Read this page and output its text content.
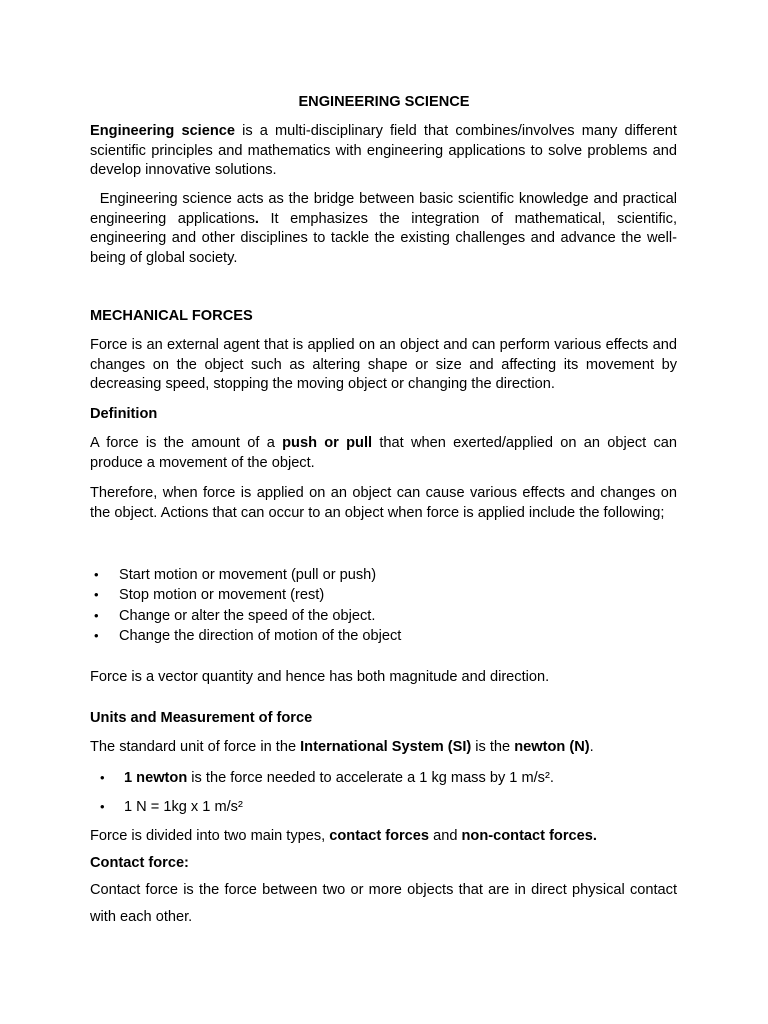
ENGINEERING SCIENCE

Engineering science is a multi-disciplinary field that combines/involves many different scientific principles and mathematics with engineering applications to solve problems and develop innovative solutions.

Engineering science acts as the bridge between basic scientific knowledge and practical engineering applications. It emphasizes the integration of mathematical, scientific, engineering and other disciplines to tackle the existing challenges and advance the well-being of global society.

MECHANICAL FORCES

Force is an external agent that is applied on an object and can perform various effects and changes on the object such as altering shape or size and affecting its movement by decreasing speed, stopping the moving object or changing the direction.

Definition

A force is the amount of a push or pull that when exerted/applied on an object can produce a movement of the object.

Therefore, when force is applied on an object can cause various effects and changes on the object. Actions that can occur to an object when force is applied include the following;

• Start motion or movement (pull or push)
• Stop motion or movement (rest)
• Change or alter the speed of the object.
• Change the direction of motion of the object

Force is a vector quantity and hence has both magnitude and direction.

Units and Measurement of force

The standard unit of force in the International System (SI) is the newton (N).

• 1 newton is the force needed to accelerate a 1 kg mass by 1 m/s².
• 1 N = 1kg x 1 m/s²

Force is divided into two main types, contact forces and non-contact forces.

Contact force:

Contact force is the force between two or more objects that are in direct physical contact with each other.
